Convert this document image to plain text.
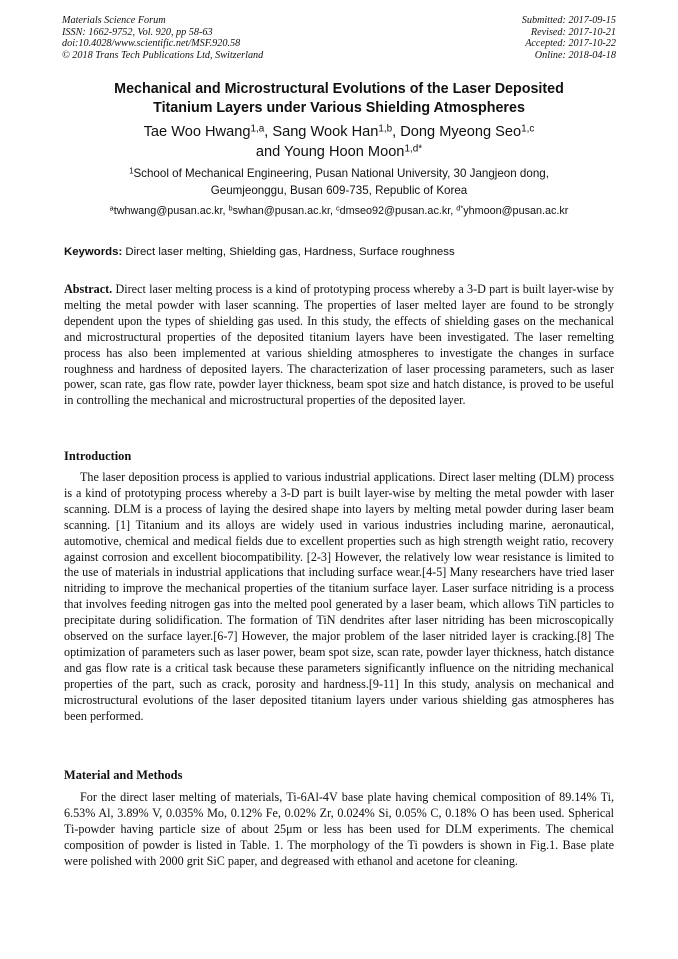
Materials Science Forum
ISSN: 1662-9752, Vol. 920, pp 58-63
doi:10.4028/www.scientific.net/MSF.920.58
© 2018 Trans Tech Publications Ltd, Switzerland
Submitted: 2017-09-15
Revised: 2017-10-21
Accepted: 2017-10-22
Online: 2018-04-18
Mechanical and Microstructural Evolutions of the Laser Deposited
Titanium Layers under Various Shielding Atmospheres
Tae Woo Hwang$^{1,a}$, Sang Wook Han$^{1,b}$, Dong Myeong Seo$^{1,c}$
and Young Hoon Moon$^{1,d*}$
$^1$School of Mechanical Engineering, Pusan National University, 30 Jangjeon dong,
Geumjeonggu, Busan 609-735, Republic of Korea
$^a$twhwang@pusan.ac.kr, $^b$swhan@pusan.ac.kr, $^c$dmseo92@pusan.ac.kr, $^{d*}$yhmoon@pusan.ac.kr
Keywords: Direct laser melting, Shielding gas, Hardness, Surface roughness

Abstract. Direct laser melting process is a kind of prototyping process whereby a 3-D part is built layer-wise by melting the metal powder with laser scanning. The properties of laser melted layer are found to be strongly dependent upon the types of shielding gas used. In this study, the effects of shielding gases on the mechanical and microstructural properties of the deposited titanium layers have been investigated. The laser remelting process has also been implemented at various shielding atmospheres to investigate the changes in surface roughness and hardness of deposited layers. The characterization of laser processing parameters, such as laser power, scan rate, gas flow rate, powder layer thickness, beam spot size and hatch distance, is proved to be useful in controlling the mechanical and microstructural properties of the deposited layer.

Introduction

The laser deposition process is applied to various industrial applications. Direct laser melting (DLM) process is a kind of prototyping process whereby a 3-D part is built layer-wise by melting the metal powder with laser scanning. DLM is a process of laying the desired shape into layers by melting metal powder during laser beam scanning. [1] Titanium and its alloys are widely used in various industries including marine, aeronautical, automotive, chemical and medical fields due to excellent properties such as high strength weight ratio, recovery against corrosion and excellent biocompatibility. [2-3] However, the relatively low wear resistance is limited to the use of materials in industrial applications that including surface wear.[4-5] Many researchers have tried laser nitriding to improve the mechanical properties of the titanium surface layer. Laser surface nitriding is a process that involves feeding nitrogen gas into the melted pool generated by a laser beam, which allows TiN particles to precipitate during solidification. The formation of TiN dendrites after laser nitriding has been microscopically observed on the surface layer.[6-7] However, the major problem of the laser nitrided layer is cracking.[8] The optimization of parameters such as laser power, beam spot size, scan rate, powder layer thickness, hatch distance and gas flow rate is a critical task because these parameters significantly influence on the nitriding mechanical properties of the part, such as crack, porosity and hardness.[9-11] In this study, analysis on mechanical and microstructural evolutions of the laser deposited titanium layers under various shielding gas atmospheres has been performed.

Material and Methods

For the direct laser melting of materials, Ti-6Al-4V base plate having chemical composition of 89.14% Ti, 6.53% Al, 3.89% V, 0.035% Mo, 0.12% Fe, 0.02% Zr, 0.024% Si, 0.05% C, 0.18% O has been used. Spherical Ti-powder having particle size of about 25μm or less has been used for DLM experiments. The chemical composition of powder is listed in Table. 1. The morphology of the Ti powders is shown in Fig.1. Base plate were polished with 2000 grit SiC paper, and degreased with ethanol and acetone for cleaning.
